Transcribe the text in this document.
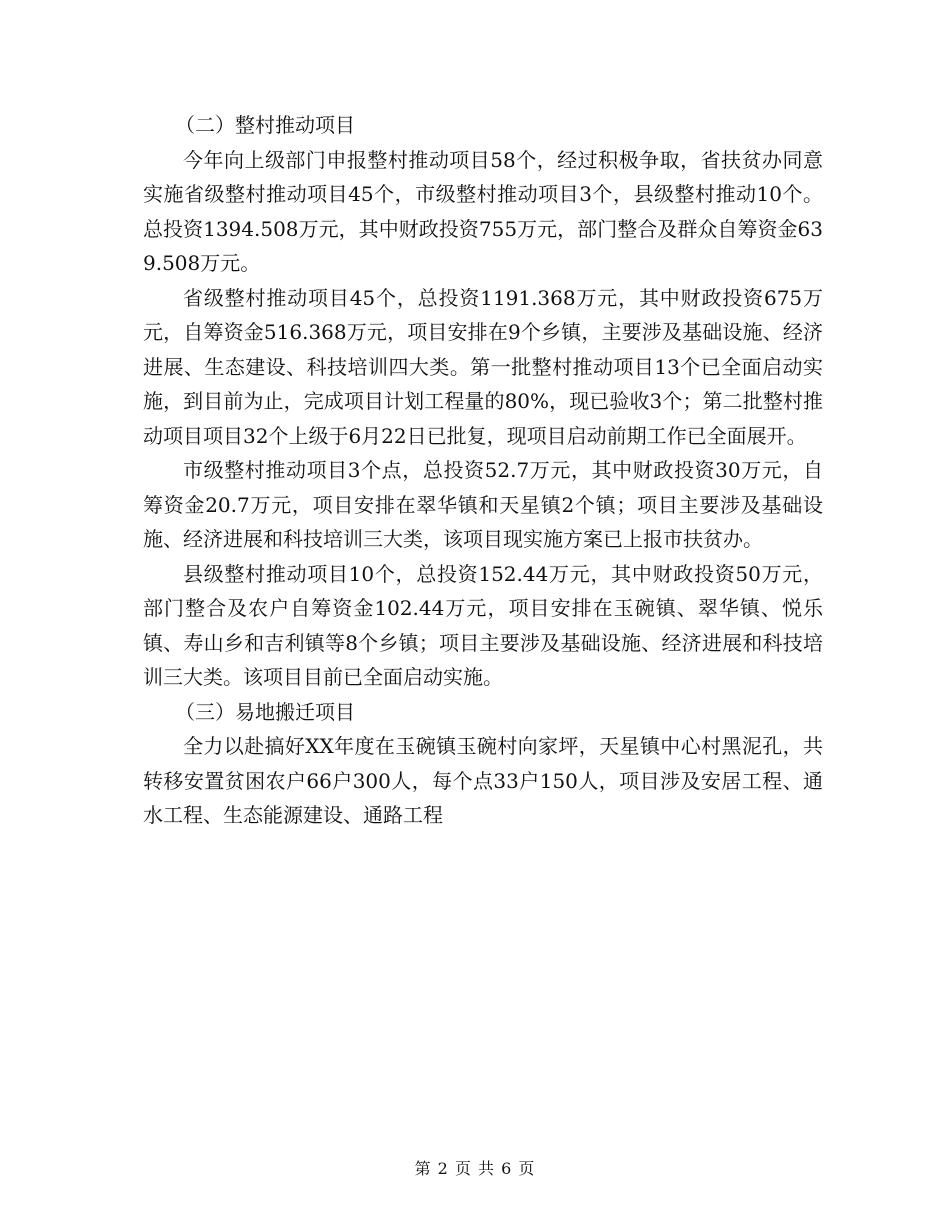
（二）整村推动项目

今年向上级部门申报整村推动项目58个，经过积极争取，省扶贫办同意实施省级整村推动项目45个，市级整村推动项目3个，县级整村推动10个。总投资1394.508万元，其中财政投资755万元，部门整合及群众自筹资金639.508万元。

省级整村推动项目45个，总投资1191.368万元，其中财政投资675万元，自筹资金516.368万元，项目安排在9个乡镇，主要涉及基础设施、经济进展、生态建设、科技培训四大类。第一批整村推动项目13个已全面启动实施，到目前为止，完成项目计划工程量的80%，现已验收3个；第二批整村推动项目项目32个上级于6月22日已批复，现项目启动前期工作已全面展开。

市级整村推动项目3个点，总投资52.7万元，其中财政投资30万元，自筹资金20.7万元，项目安排在翠华镇和天星镇2个镇；项目主要涉及基础设施、经济进展和科技培训三大类，该项目现实施方案已上报市扶贫办。

县级整村推动项目10个，总投资152.44万元，其中财政投资50万元，部门整合及农户自筹资金102.44万元，项目安排在玉碗镇、翠华镇、悦乐镇、寿山乡和吉利镇等8个乡镇；项目主要涉及基础设施、经济进展和科技培训三大类。该项目目前已全面启动实施。

（三）易地搬迁项目

全力以赴搞好XX年度在玉碗镇玉碗村向家坪，天星镇中心村黑泥孔，共转移安置贫困农户66户300人，每个点33户150人，项目涉及安居工程、通水工程、生态能源建设、通路工程

第 2 页 共 6 页
